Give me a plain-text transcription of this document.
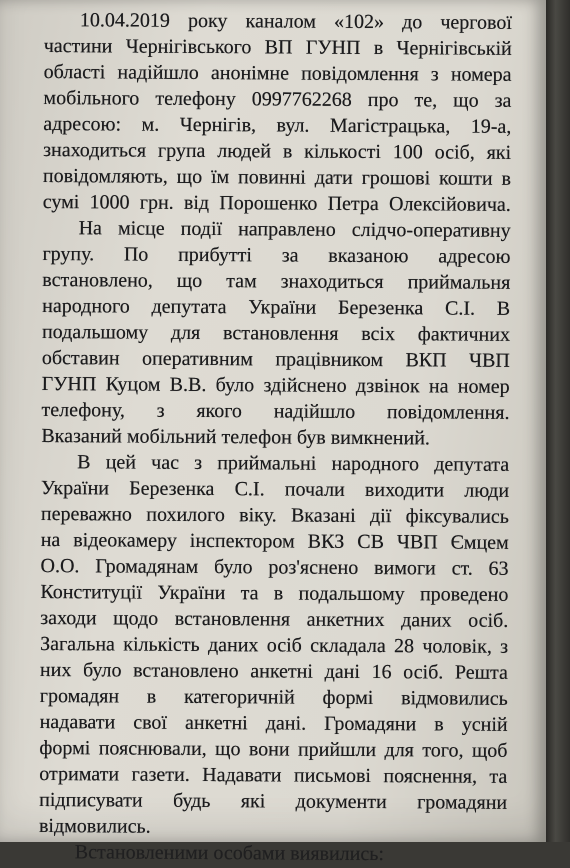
10.04.2019 року каналом «102» до чергової
частини Чернігівського ВП ГУНП в Чернігівській
області надійшло анонімне повідомлення з номера
мобільного телефону 0997762268 про те, що за
адресою: м. Чернігів, вул. Магістрацька, 19-а,
знаходиться група людей в кількості 100 осіб, які
повідомляють, що їм повинні дати грошові кошти в
сумі 1000 грн. від Порошенко Петра Олексійовича.
На місце події направлено слідчо-оперативну
групу. По прибутті за вказаною адресою
встановлено, що там знаходиться приймальня
народного депутата України Березенка С.І. В
подальшому для встановлення всіх фактичних
обставин оперативним працівником ВКП ЧВП
ГУНП Куцом В.В. було здійснено дзвінок на номер
телефону, з якого надійшло повідомлення.
Вказаний мобільний телефон був вимкнений.
В цей час з приймальні народного депутата
України Березенка С.І. почали виходити люди
переважно похилого віку. Вказані дії фіксувались
на відеокамеру інспектором ВКЗ СВ ЧВП Ємцем
О.О. Громадянам було роз'яснено вимоги ст. 63
Конституції України та в подальшому проведено
заходи щодо встановлення анкетних даних осіб.
Загальна кількість даних осіб складала 28 чоловік, з
них було встановлено анкетні дані 16 осіб. Решта
громадян в категоричній формі відмовились
надавати свої анкетні дані. Громадяни в усній
формі пояснювали, що вони прийшли для того, щоб
отримати газети. Надавати письмові пояснення, та
підписувати будь які документи громадяни
відмовились.
Встановленими особами виявились:
